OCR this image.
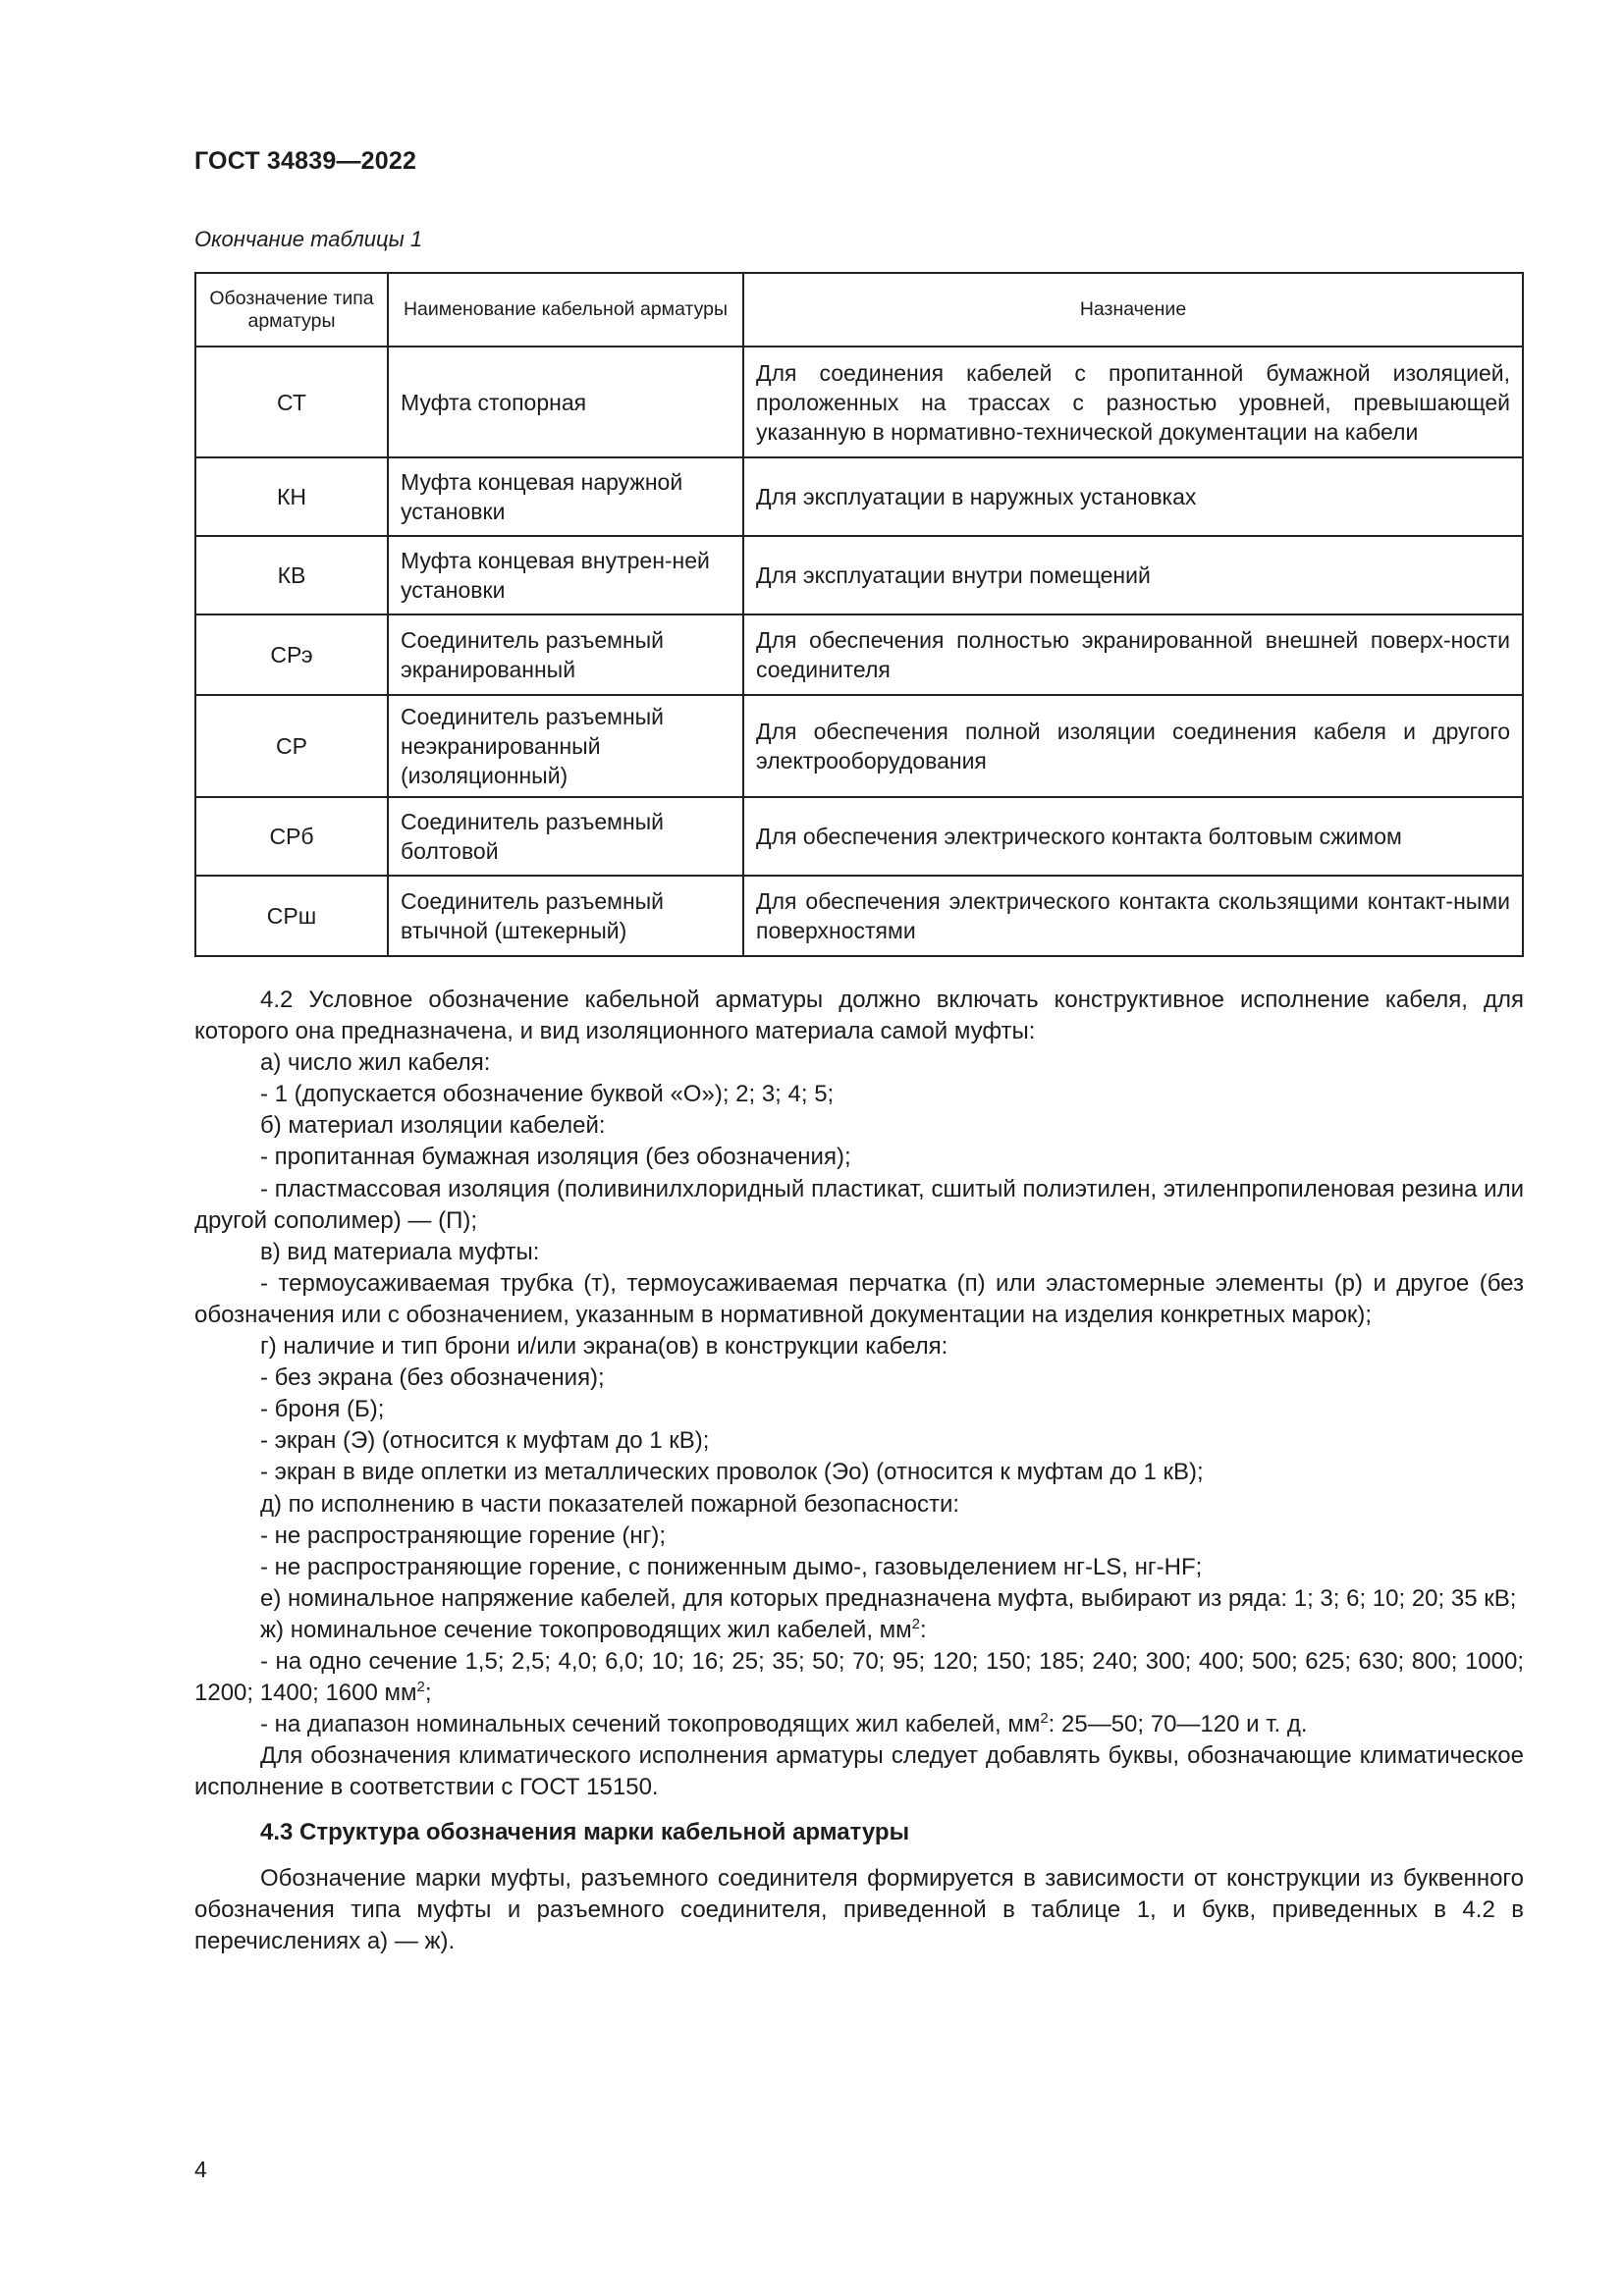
ГОСТ 34839—2022
Окончание таблицы 1
Обозначение типа арматуры	Наименование кабельной арматуры	Назначение
СТ	Муфта стопорная	Для соединения кабелей с пропитанной бумажной изоляцией, проложенных на трассах с разностью уровней, превышающей указанную в нормативно-технической документации на кабели
КН	Муфта концевая наружной установки	Для эксплуатации в наружных установках
КВ	Муфта концевая внутрен-ней установки	Для эксплуатации внутри помещений
СРэ	Соединитель разъемный экранированный	Для обеспечения полностью экранированной внешней поверх-ности соединителя
СР	Соединитель разъемный неэкранированный (изоляционный)	Для обеспечения полной изоляции соединения кабеля и другого электрооборудования
СРб	Соединитель разъемный болтовой	Для обеспечения электрического контакта болтовым сжимом
СРш	Соединитель разъемный втычной (штекерный)	Для обеспечения электрического контакта скользящими контакт-ными поверхностями

4.2 Условное обозначение кабельной арматуры должно включать конструктивное исполнение кабеля, для которого она предназначена, и вид изоляционного материала самой муфты:

а) число жил кабеля:

- 1 (допускается обозначение буквой «О»); 2; 3; 4; 5;

б) материал изоляции кабелей:

- пропитанная бумажная изоляция (без обозначения);

- пластмассовая изоляция (поливинилхлоридный пластикат, сшитый полиэтилен, этиленпропиленовая резина или другой сополимер) — (П);

в) вид материала муфты:

- термоусаживаемая трубка (т), термоусаживаемая перчатка (п) или эластомерные элементы (р) и другое (без обозначения или с обозначением, указанным в нормативной документации на изделия конкретных марок);

г) наличие и тип брони и/или экрана(ов) в конструкции кабеля:

- без экрана (без обозначения);

- броня (Б);

- экран (Э) (относится к муфтам до 1 кВ);

- экран в виде оплетки из металлических проволок (Эо) (относится к муфтам до 1 кВ);

д) по исполнению в части показателей пожарной безопасности:

- не распространяющие горение (нг);

- не распространяющие горение, с пониженным дымо-, газовыделением нг-LS, нг-HF;

е) номинальное напряжение кабелей, для которых предназначена муфта, выбирают из ряда: 1; 3; 6; 10; 20; 35 кВ;

ж) номинальное сечение токопроводящих жил кабелей, $мм^2$:

- на одно сечение 1,5; 2,5; 4,0; 6,0; 10; 16; 25; 35; 50; 70; 95; 120; 150; 185; 240; 300; 400; 500; 625; 630; 800; 1000; 1200; 1400; 1600 $мм^2$;

- на диапазон номинальных сечений токопроводящих жил кабелей, $мм^2$: 25—50; 70—120 и т. д.

Для обозначения климатического исполнения арматуры следует добавлять буквы, обозначающие климатическое исполнение в соответствии с ГОСТ 15150.

4.3 Структура обозначения марки кабельной арматуры

Обозначение марки муфты, разъемного соединителя формируется в зависимости от конструкции из буквенного обозначения типа муфты и разъемного соединителя, приведенной в таблице 1, и букв, приведенных в 4.2 в перечислениях а) — ж).

4
